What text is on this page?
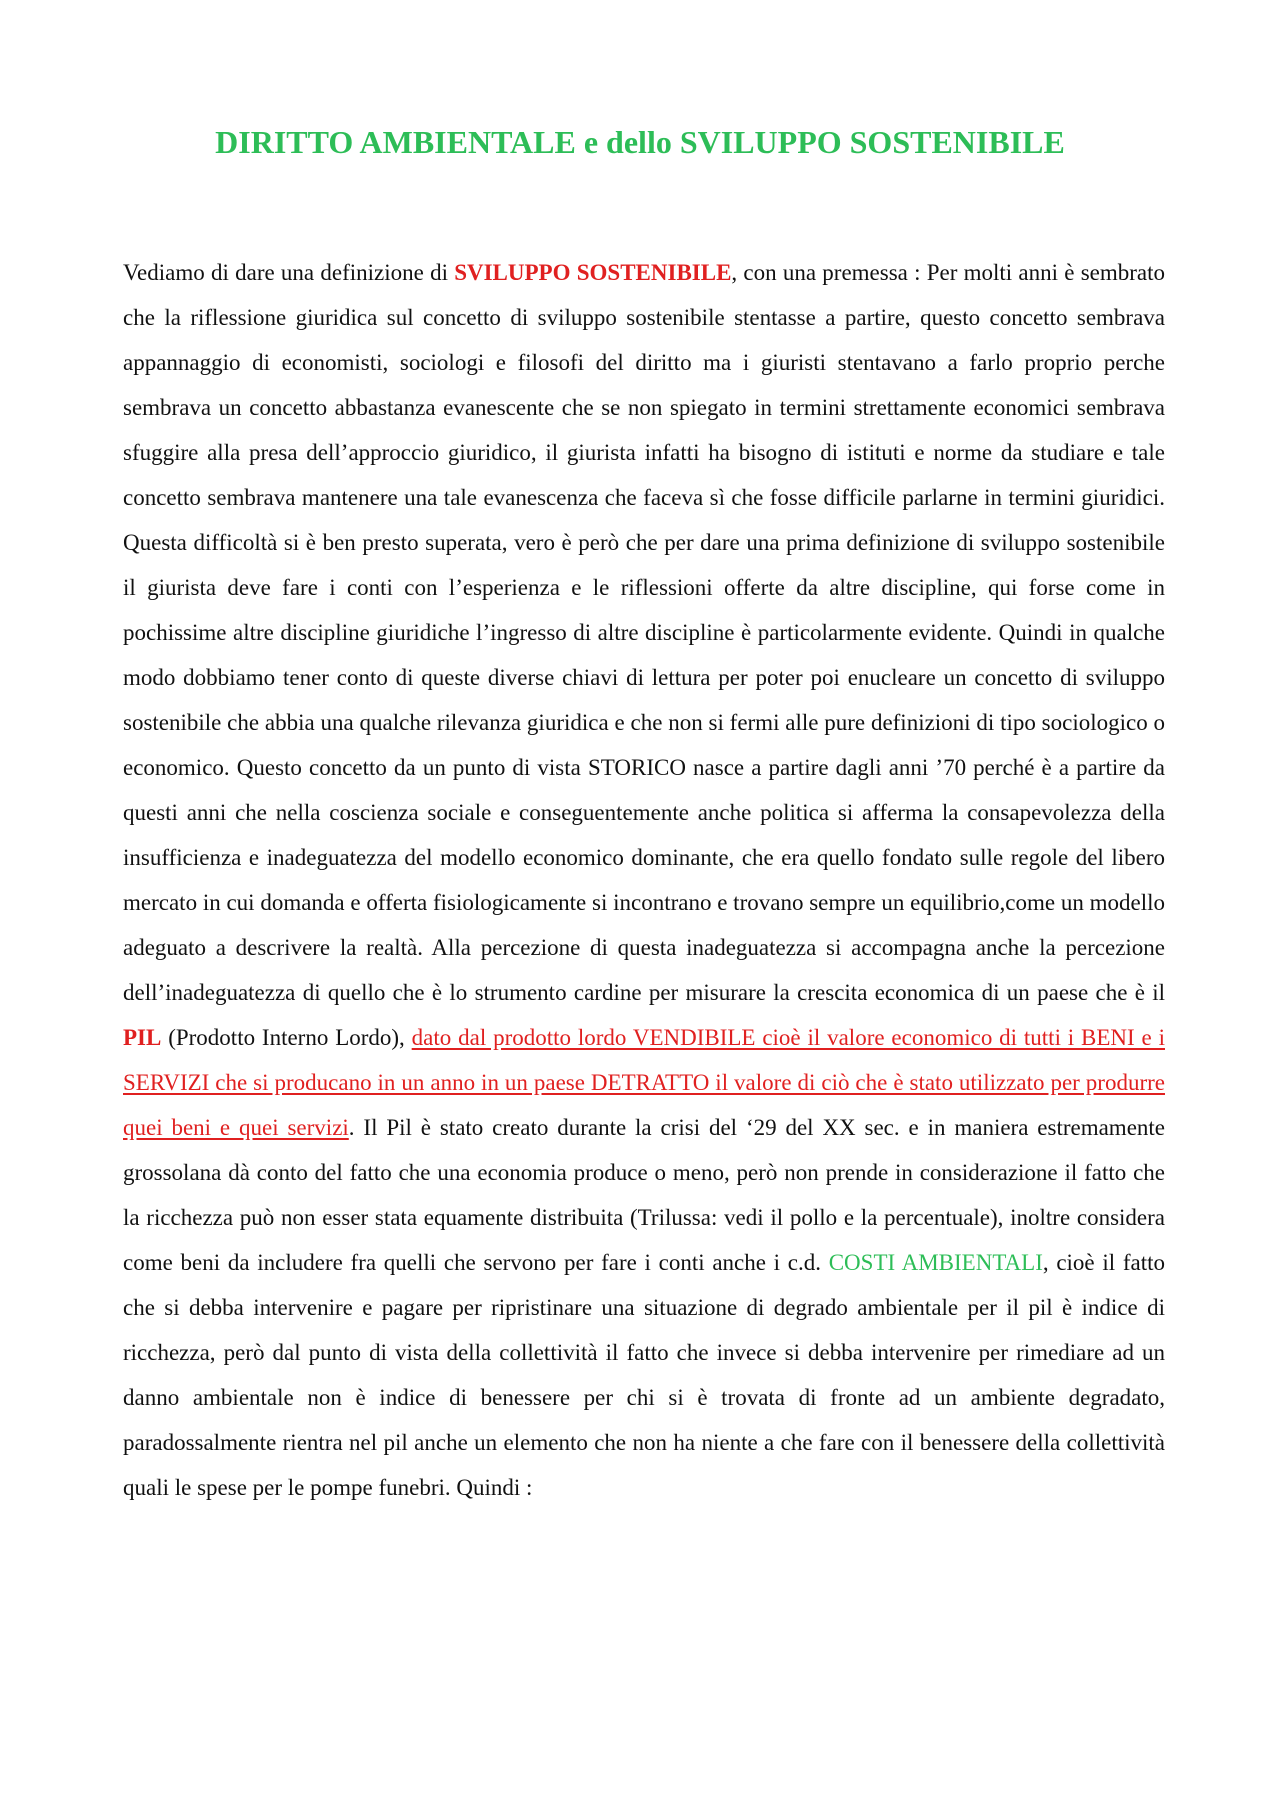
DIRITTO AMBIENTALE e dello SVILUPPO SOSTENIBILE

Vediamo di dare una definizione di SVILUPPO SOSTENIBILE, con una premessa : Per molti anni è sembrato che la riflessione giuridica sul concetto di sviluppo sostenibile stentasse a partire, questo concetto sembrava appannaggio di economisti, sociologi e filosofi del diritto ma i giuristi stentavano a farlo proprio perche sembrava un concetto abbastanza evanescente che se non spiegato in termini strettamente economici sembrava sfuggire alla presa dell’approccio giuridico, il giurista infatti ha bisogno di istituti e norme da studiare e tale concetto sembrava mantenere una tale evanescenza che faceva sì che fosse difficile parlarne in termini giuridici. Questa difficoltà si è ben presto superata, vero è però che per dare una prima definizione di sviluppo sostenibile il giurista deve fare i conti con l’esperienza e le riflessioni offerte da altre discipline, qui forse come in pochissime altre discipline giuridiche l’ingresso di altre discipline è particolarmente evidente. Quindi in qualche modo dobbiamo tener conto di queste diverse chiavi di lettura per poter poi enucleare un concetto di sviluppo sostenibile che abbia una qualche rilevanza giuridica e che non si fermi alle pure definizioni di tipo sociologico o economico. Questo concetto da un punto di vista STORICO nasce a partire dagli anni ’70 perché è a partire da questi anni che nella coscienza sociale e conseguentemente anche politica si afferma la consapevolezza della insufficienza e inadeguatezza del modello economico dominante, che era quello fondato sulle regole del libero mercato in cui domanda e offerta fisiologicamente si incontrano e trovano sempre un equilibrio,come un modello adeguato a descrivere la realtà. Alla percezione di questa inadeguatezza si accompagna anche la percezione dell’inadeguatezza di quello che è lo strumento cardine per misurare la crescita economica di un paese che è il PIL (Prodotto Interno Lordo), dato dal prodotto lordo VENDIBILE cioè il valore economico di tutti i BENI e i SERVIZI che si producano in un anno in un paese DETRATTO il valore di ciò che è stato utilizzato per produrre quei beni e quei servizi. Il Pil è stato creato durante la crisi del ‘29 del XX sec. e in maniera estremamente grossolana dà conto del fatto che una economia produce o meno, però non prende in considerazione il fatto che la ricchezza può non esser stata equamente distribuita (Trilussa: vedi il pollo e la percentuale), inoltre considera come beni da includere fra quelli che servono per fare i conti anche i c.d. COSTI AMBIENTALI, cioè il fatto che si debba intervenire e pagare per ripristinare una situazione di degrado ambientale per il pil è indice di ricchezza, però dal punto di vista della collettività il fatto che invece si debba intervenire per rimediare ad un danno ambientale non è indice di benessere per chi si è trovata di fronte ad un ambiente degradato, paradossalmente rientra nel pil anche un elemento che non ha niente a che fare con il benessere della collettività quali le spese per le pompe funebri. Quindi :
